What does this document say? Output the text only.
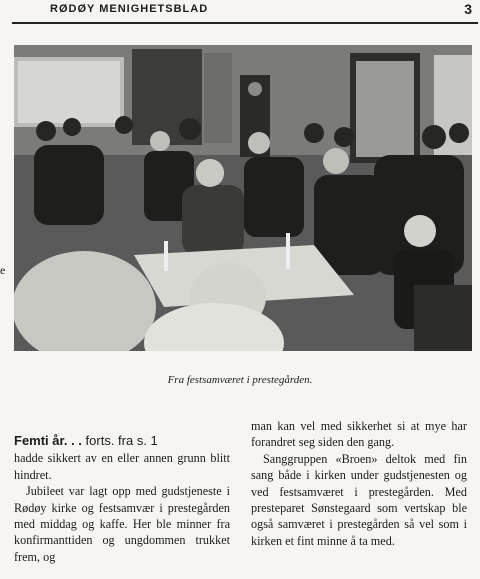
RØDØY MENIGHETSBLAD	3
e
Fra festsamværet i prestegården.
Femti år. . . forts. fra s. 1

hadde sikkert av en eller annen grunn blitt hindret.

Jubileet var lagt opp med gudstjeneste i Rødøy kirke og festsamvær i prestegården med middag og kaffe. Her ble minner fra konfirmanttiden og ungdommen trukket frem, og

man kan vel med sikkerhet si at mye har forandret seg siden den gang.

Sanggruppen «Broen» deltok med fin sang både i kirken under gudstjenesten og ved festsamværet i prestegården. Med presteparet Sønstegaard som vertskap ble også samværet i prestegården så vel som i kirken et fint minne å ta med.
